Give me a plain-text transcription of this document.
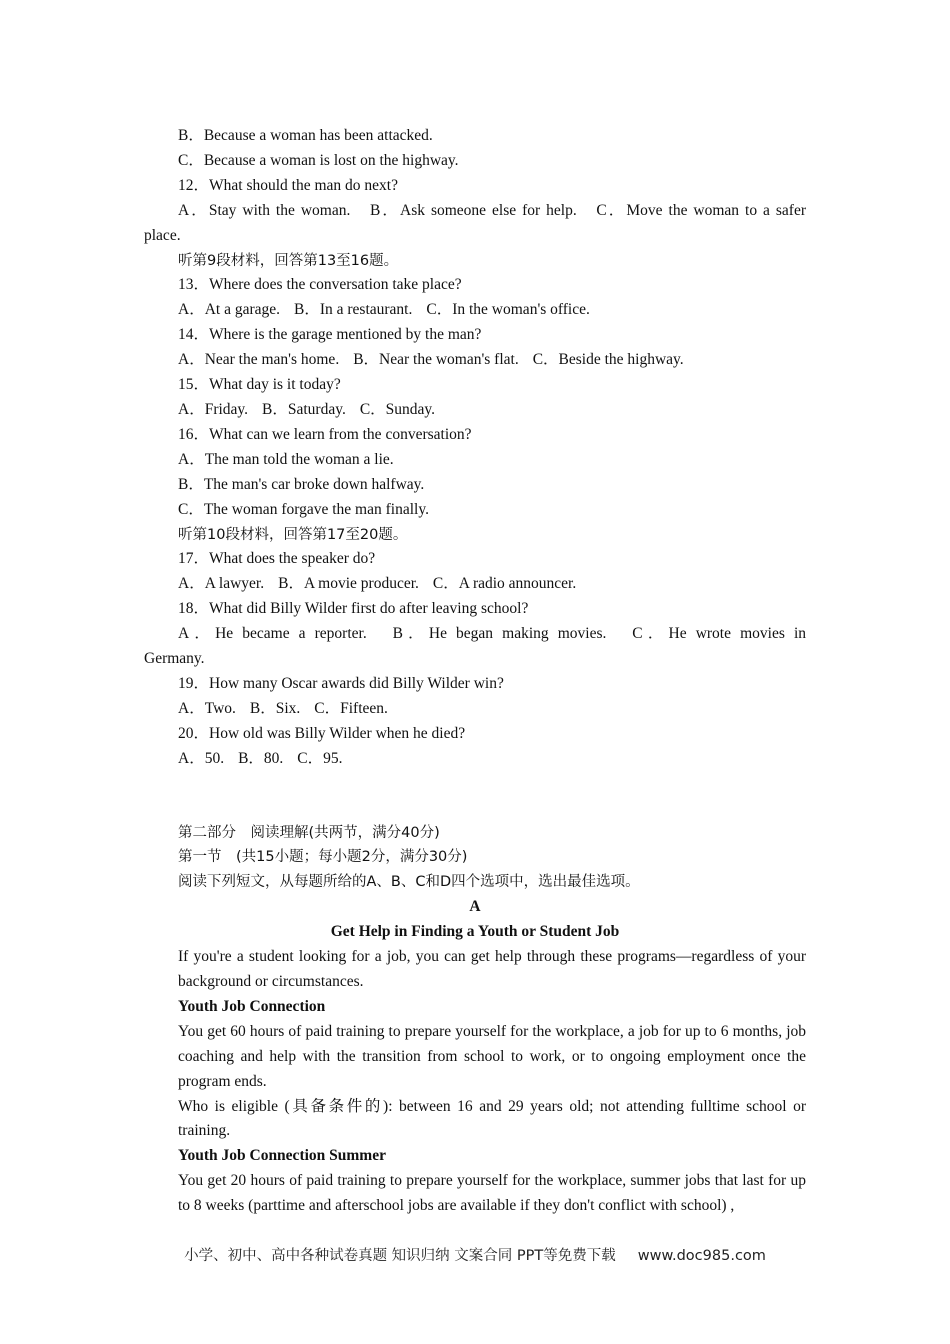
B．Because a woman has been attacked.
C．Because a woman is lost on the highway.
12．What should the man do next?
A．Stay with the woman.　B．Ask someone else for help.　C．Move the woman to a safer
place.
听第9段材料，回答第13至16题。
13．Where does the conversation take place?
A．At a garage. B．In a restaurant. C．In the woman's office.
14．Where is the garage mentioned by the man?
A．Near the man's home. B．Near the woman's flat. C．Beside the highway.
15．What day is it today?
A．Friday. B．Saturday. C．Sunday.
16．What can we learn from the conversation?
A．The man told the woman a lie.
B．The man's car broke down halfway.
C．The woman forgave the man finally.
听第10段材料，回答第17至20题。
17．What does the speaker do?
A．A lawyer. B．A movie producer. C．A radio announcer.
18．What did Billy Wilder first do after leaving school?
A．He became a reporter.　B．He began making movies.　C．He wrote movies in
Germany.
19．How many Oscar awards did Billy Wilder win?
A．Two. B．Six. C．Fifteen.
20．How old was Billy Wilder when he died?
A．50. B．80. C．95.
第二部分　阅读理解(共两节，满分40分)
第一节　(共15小题；每小题2分，满分30分)
阅读下列短文，从每题所给的A、B、C和D四个选项中，选出最佳选项。
A
Get Help in Finding a Youth or Student Job
If you're a student looking for a job, you can get help through these programs—regardless of your background or circumstances.
Youth Job Connection
You get 60 hours of paid training to prepare yourself for the workplace, a job for up to 6 months, job coaching and help with the transition from school to work, or to ongoing employment once the program ends.
Who is eligible (具备条件的): between 16 and 29 years old; not attending fulltime school or training.
Youth Job Connection Summer
You get 20 hours of paid training to prepare yourself for the workplace, summer jobs that last for up to 8 weeks (parttime and afterschool jobs are available if they don't conflict with school) ,
小学、初中、高中各种试卷真题 知识归纳 文案合同 PPT等免费下载 www.doc985.com
